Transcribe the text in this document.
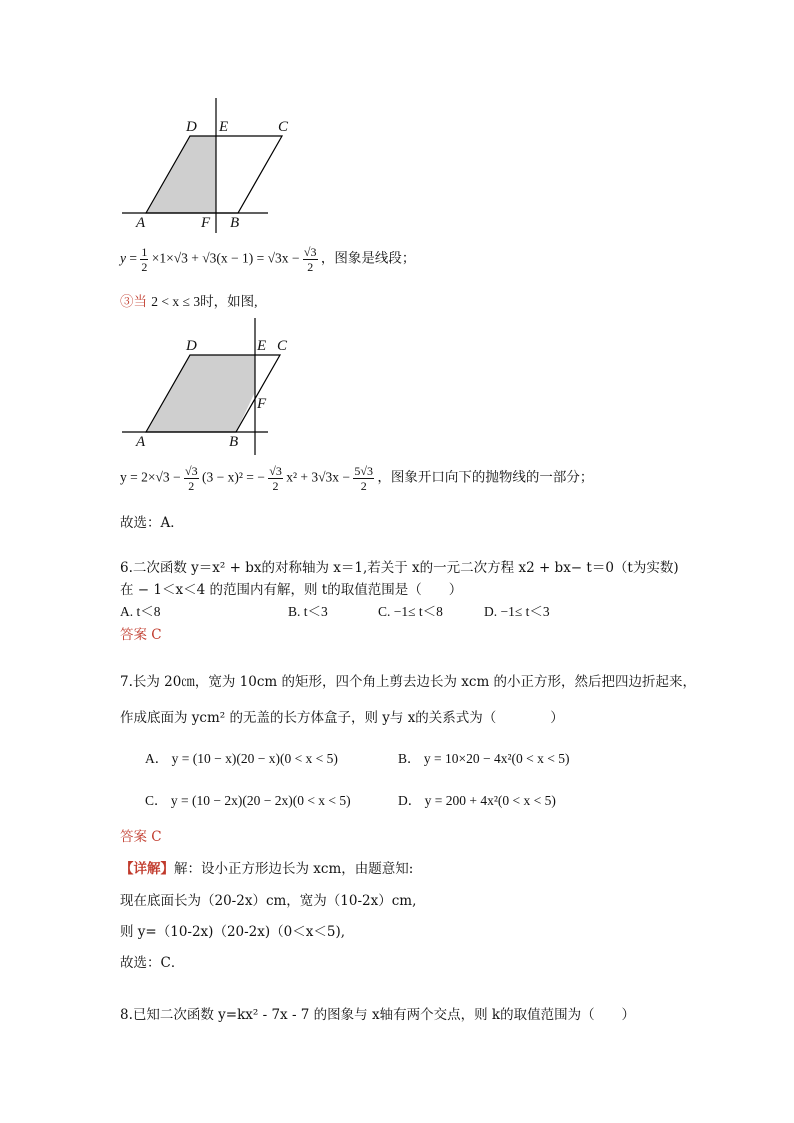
D E	C
A	F B
$y = \frac{1}{2} \times 1\times√3 + √3(x - 1) = √3x - \frac{√3}{2}$ ，图象是线段；
③当 2 < x ≤ 3时，如图,
D	E C
F
A	B
$y = 2\times√3 - \frac{√3}{2} (3 - x)^2$ = − $\frac{√3}{2} x^2 + 3√3x - \frac{5√3}{2}$ ，图象开口向下的抛物线的一部分；
故选：A．
6.二次函数 y＝x² + bx的对称轴为 x＝1,若关于 x的一元二次方程 x2 + bx− t＝0（t为实数)
在 − 1＜x＜4 的范围内有解，则 t的取值范围是（　　）
A. t＜8	B. t＜3	C. −1≤ t＜8	D. −1≤ t＜3
答案 C
7.长为 20㎝，宽为 10cm 的矩形，四个角上剪去边长为 xcm 的小正方形，然后把四边折起来，
作成底面为 ycm² 的无盖的长方体盒子，则 y与 x的关系式为（　　　　）
A． y = (10 − x)(20 − x)(0 < x < 5)	B． y = 10×20 − 4x²(0 < x < 5)
C． y = (10 − 2x)(20 − 2x)(0 < x < 5)	D． y = 200 + 4x²(0 < x < 5)
答案 C
【详解】解：设小正方形边长为 xcm，由题意知:
现在底面长为（20-2x）cm，宽为（10-2x）cm,
则 y=（10-2x)（20-2x)（0＜x＜5),
故选：C．
8.已知二次函数 y=kx² - 7x - 7 的图象与 x轴有两个交点，则 k的取值范围为（　　）
